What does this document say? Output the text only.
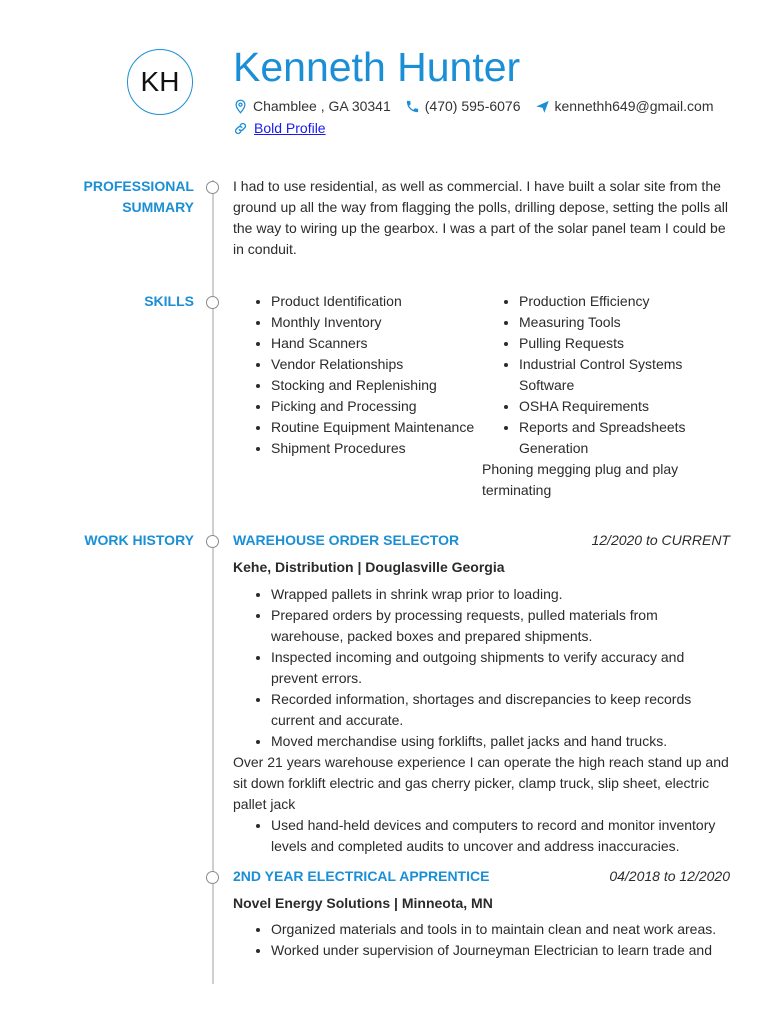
KH Kenneth Hunter
Chamblee , GA 30341 (470) 595-6076 kennethh649@gmail.com
Bold Profile
PROFESSIONAL
SUMMARY
I had to use residential, as well as commercial. I have built a solar site from the ground up all the way from flagging the polls, drilling depose, setting the polls all the way to wiring up the gearbox. I was a part of the solar panel team I could be in conduit.
SKILLS
•	Product Identification
• Monthly Inventory
• Hand Scanners
• Vendor Relationships
• Stocking and Replenishing
• Picking and Processing
• Routine Equipment Maintenance
• Shipment Procedures
• Production Efficiency
• Measuring Tools
• Pulling Requests
• Industrial Control Systems Software
• OSHA Requirements
• Reports and Spreadsheets Generation
Phoning megging plug and play terminating
WORK HISTORY	WAREHOUSE ORDER SELECTOR	12/2020 to CURRENT
Kehe, Distribution | Douglasville Georgia
• Wrapped pallets in shrink wrap prior to loading.
• Prepared orders by processing requests, pulled materials from warehouse, packed boxes and prepared shipments.
• Inspected incoming and outgoing shipments to verify accuracy and prevent errors.
• Recorded information, shortages and discrepancies to keep records current and accurate.
• Moved merchandise using forklifts, pallet jacks and hand trucks.

Over 21 years warehouse experience I can operate the high reach stand up and sit down forklift electric and gas cherry picker, clamp truck, slip sheet, electric pallet jack

• Used hand-held devices and computers to record and monitor inventory levels and completed audits to uncover and address inaccuracies.
2ND YEAR ELECTRICAL APPRENTICE	04/2018 to 12/2020
Novel Energy Solutions | Minneota, MN
• Organized materials and tools in to maintain clean and neat work areas.
• Worked under supervision of Journeyman Electrician to learn trade and
